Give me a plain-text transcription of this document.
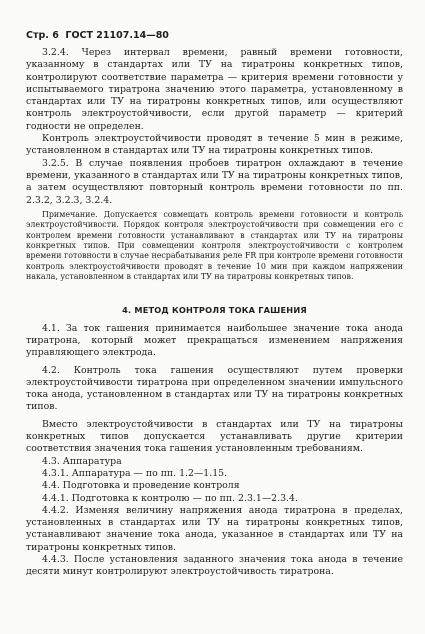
Стр. 6  ГОСТ 21107.14—80

3.2.4. Через интервал времени, равный времени готовности, указанному в стандартах или ТУ на тиратроны конкретных типов, контролируют соответствие параметра — критерия времени готовности у испытываемого тиратрона значению этого параметра, установленному в стандартах или ТУ на тиратроны конкретных типов, или осуществляют контроль электроустойчивости, если другой параметр — критерий годности не определен.

Контроль электроустойчивости проводят в течение 5 мин в режиме, установленном в стандартах или ТУ на тиратроны конкретных типов.

3.2.5. В случае появления пробоев тиратрон охлаждают в течение времени, указанного в стандартах или ТУ на тиратроны конкретных типов, а затем осуществляют повторный контроль времени готовности по пп. 2.3.2, 3.2.3, 3.2.4.

Примечание. Допускается совмещать контроль времени готовности и контроль электроустойчивости. Порядок контроля электроустойчивости при совмещении его с контролем времени готовности устанавливают в стандартах или ТУ на тиратроны конкретных типов. При совмещении контроля электроустойчивости с контролем времени готовности в случае несрабатывания реле FR при контроле времени готовности контроль электроустойчивости проводят в течение 10 мин при каждом напряжении накала, установленном в стандартах или ТУ на тиратроны конкретных типов.

4. МЕТОД КОНТРОЛЯ ТОКА ГАШЕНИЯ

4.1. За ток гашения принимается наибольшее значение тока анода тиратрона, который может прекращаться изменением напряжения управляющего электрода.

4.2. Контроль тока гашения осуществляют путем проверки электроустойчивости тиратрона при определенном значении импульсного тока анода, установленном в стандартах или ТУ на тиратроны конкретных типов.

Вместо электроустойчивости в стандартах или ТУ на тиратроны конкретных типов допускается устанавливать другие критерии соответствия значения тока гашения установленным требованиям.

4.3. Аппаратура

4.3.1. Аппаратура — по пп. 1.2—1.15.

4.4. Подготовка и проведение контроля

4.4.1. Подготовка к контролю — по пп. 2.3.1—2.3.4.

4.4.2. Изменяя величину напряжения анода тиратрона в пределах, установленных в стандартах или ТУ на тиратроны конкретных типов, устанавливают значение тока анода, указанное в стандартах или ТУ на тиратроны конкретных типов.

4.4.3. После установления заданного значения тока анода в течение десяти минут контролируют электроустойчивость тиратрона.
